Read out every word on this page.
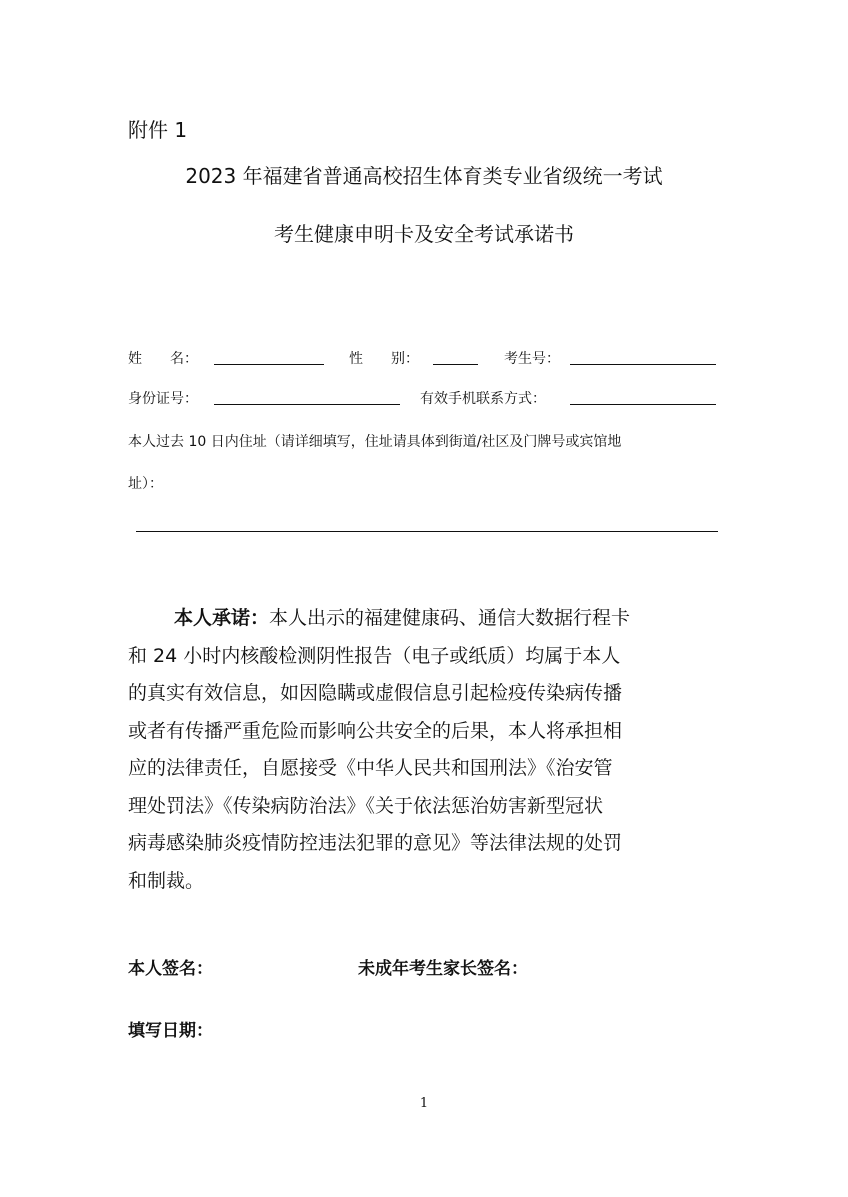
附件 1
2023 年福建省普通高校招生体育类专业省级统一考试
考生健康申明卡及安全考试承诺书
姓　　名：	性　　别：	考生号：
身份证号：	有效手机联系方式：
本人过去 10 日内住址（请详细填写，住址请具体到街道/社区及门牌号或宾馆地
址）：
本人承诺：本人出示的福建健康码、通信大数据行程卡
和 24 小时内核酸检测阴性报告（电子或纸质）均属于本人
的真实有效信息，如因隐瞒或虚假信息引起检疫传染病传播
或者有传播严重危险而影响公共安全的后果，本人将承担相
应的法律责任，自愿接受《中华人民共和国刑法》《治安管
理处罚法》《传染病防治法》《关于依法惩治妨害新型冠状
病毒感染肺炎疫情防控违法犯罪的意见》等法律法规的处罚
和制裁。
本人签名：	未成年考生家长签名：
填写日期：
1
